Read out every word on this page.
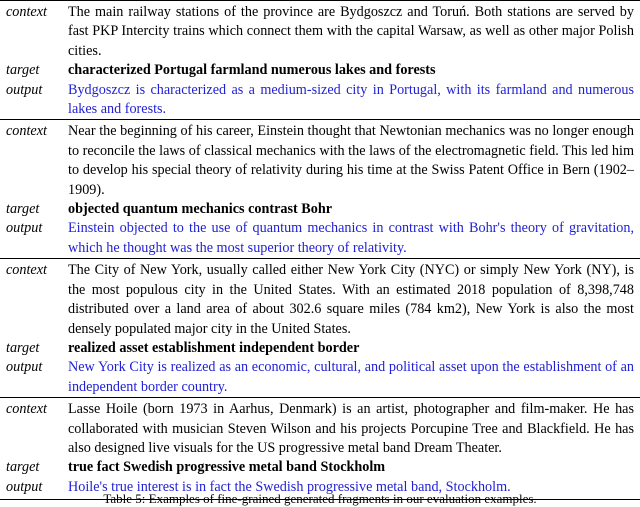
context	The main railway stations of the province are Bydgoszcz and Toruń. Both stations are served by fast PKP Intercity trains which connect them with the capital Warsaw, as well as other major Polish cities.
target	characterized Portugal farmland numerous lakes and forests
output	Bydgoszcz is characterized as a medium-sized city in Portugal, with its farmland and numerous lakes and forests.
context	Near the beginning of his career, Einstein thought that Newtonian mechanics was no longer enough to reconcile the laws of classical mechanics with the laws of the electromagnetic field. This led him to develop his special theory of relativity during his time at the Swiss Patent Office in Bern (1902–1909).
target	objected quantum mechanics contrast Bohr
output	Einstein objected to the use of quantum mechanics in contrast with Bohr's theory of gravitation, which he thought was the most superior theory of relativity.
context	The City of New York, usually called either New York City (NYC) or simply New York (NY), is the most populous city in the United States. With an estimated 2018 population of 8,398,748 distributed over a land area of about 302.6 square miles (784 km2), New York is also the most densely populated major city in the United States.
target	realized asset establishment independent border
output	New York City is realized as an economic, cultural, and political asset upon the establishment of an independent border country.
context	Lasse Hoile (born 1973 in Aarhus, Denmark) is an artist, photographer and film-maker. He has collaborated with musician Steven Wilson and his projects Porcupine Tree and Blackfield. He has also designed live visuals for the US progressive metal band Dream Theater.
target	true fact Swedish progressive metal band Stockholm
output	Hoile's true interest is in fact the Swedish progressive metal band, Stockholm.
Table 5: Examples of fine-grained generated fragments in our evaluation examples.
